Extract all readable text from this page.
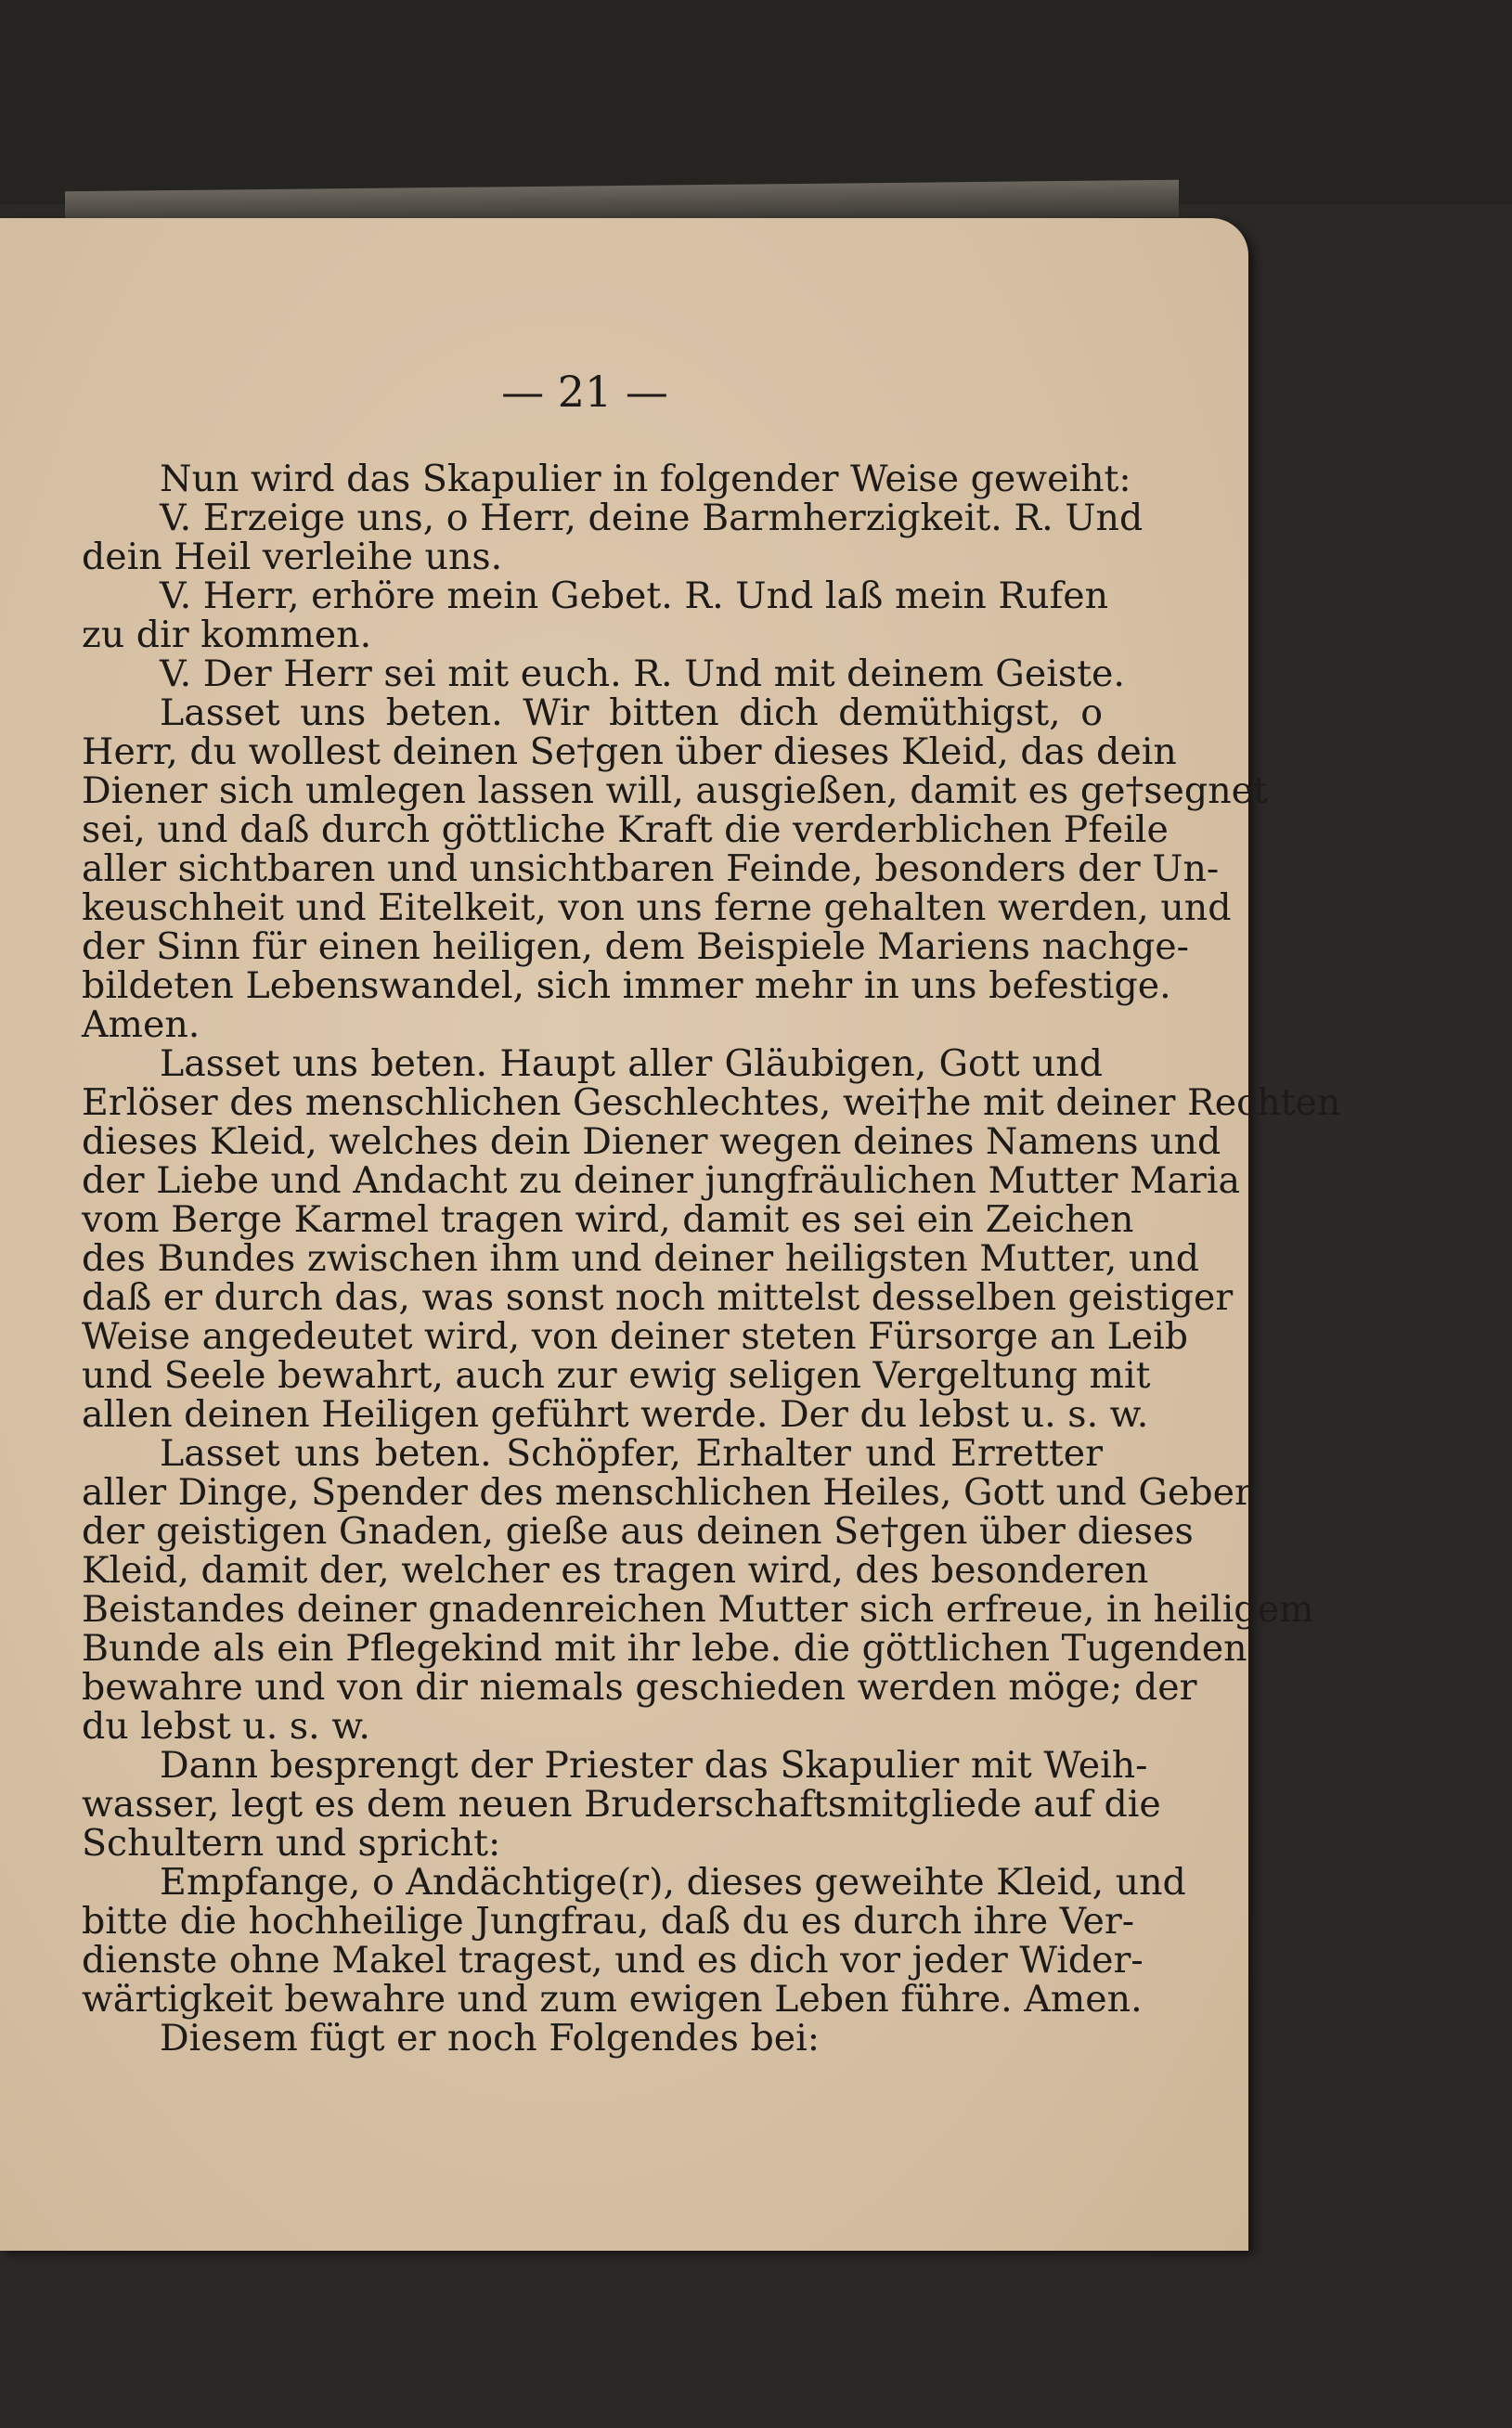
— 21 —
Nun wird das Skapulier in folgender Weise geweiht:
V. Erzeige uns, o Herr, deine Barmherzigkeit. R. Und
dein Heil verleihe uns.
V. Herr, erhöre mein Gebet. R. Und laß mein Rufen
zu dir kommen.
V. Der Herr sei mit euch. R. Und mit deinem Geiste.
Lasset uns beten. Wir bitten dich demüthigst, o
Herr, du wollest deinen Se†gen über dieses Kleid, das dein
Diener sich umlegen lassen will, ausgießen, damit es ge†segnet
sei, und daß durch göttliche Kraft die verderblichen Pfeile
aller sichtbaren und unsichtbaren Feinde, besonders der Un-
keuschheit und Eitelkeit, von uns ferne gehalten werden, und
der Sinn für einen heiligen, dem Beispiele Mariens nachge-
bildeten Lebenswandel, sich immer mehr in uns befestige.
Amen.
Lasset uns beten. Haupt aller Gläubigen, Gott und
Erlöser des menschlichen Geschlechtes, wei†he mit deiner Rechten
dieses Kleid, welches dein Diener wegen deines Namens und
der Liebe und Andacht zu deiner jungfräulichen Mutter Maria
vom Berge Karmel tragen wird, damit es sei ein Zeichen
des Bundes zwischen ihm und deiner heiligsten Mutter, und
daß er durch das, was sonst noch mittelst desselben geistiger
Weise angedeutet wird, von deiner steten Fürsorge an Leib
und Seele bewahrt, auch zur ewig seligen Vergeltung mit
allen deinen Heiligen geführt werde. Der du lebst u. s. w.
Lasset uns beten. Schöpfer, Erhalter und Erretter
aller Dinge, Spender des menschlichen Heiles, Gott und Geber
der geistigen Gnaden, gieße aus deinen Se†gen über dieses
Kleid, damit der, welcher es tragen wird, des besonderen
Beistandes deiner gnadenreichen Mutter sich erfreue, in heiligem
Bunde als ein Pflegekind mit ihr lebe. die göttlichen Tugenden
bewahre und von dir niemals geschieden werden möge; der
du lebst u. s. w.
Dann besprengt der Priester das Skapulier mit Weih-
wasser, legt es dem neuen Bruderschaftsmitgliede auf die
Schultern und spricht:
Empfange, o Andächtige(r), dieses geweihte Kleid, und
bitte die hochheilige Jungfrau, daß du es durch ihre Ver-
dienste ohne Makel tragest, und es dich vor jeder Wider-
wärtigkeit bewahre und zum ewigen Leben führe. Amen.
Diesem fügt er noch Folgendes bei:
